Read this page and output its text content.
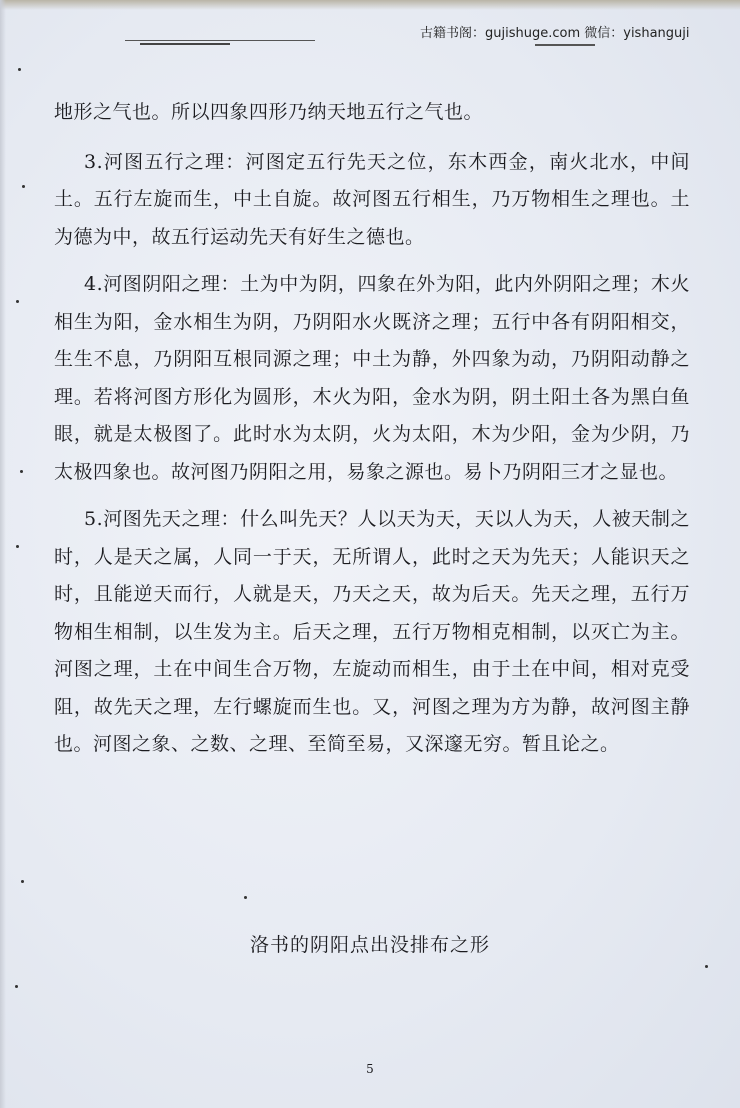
古籍书阁：gujishuge.com 微信：yishanguji

地形之气也。所以四象四形乃纳天地五行之气也。

3.河图五行之理：河图定五行先天之位，东木西金，南火北水，中间土。五行左旋而生，中土自旋。故河图五行相生，乃万物相生之理也。土为德为中，故五行运动先天有好生之德也。

4.河图阴阳之理：土为中为阴，四象在外为阳，此内外阴阳之理；木火相生为阳，金水相生为阴，乃阴阳水火既济之理；五行中各有阴阳相交，生生不息，乃阴阳互根同源之理；中土为静，外四象为动，乃阴阳动静之理。若将河图方形化为圆形，木火为阳，金水为阴，阴土阳土各为黑白鱼眼，就是太极图了。此时水为太阴，火为太阳，木为少阳，金为少阴，乃太极四象也。故河图乃阴阳之用，易象之源也。易卜乃阴阳三才之显也。

5.河图先天之理：什么叫先天？人以天为天，天以人为天，人被天制之时，人是天之属，人同一于天，无所谓人，此时之天为先天；人能识天之时，且能逆天而行，人就是天，乃天之天，故为后天。先天之理，五行万物相生相制，以生发为主。后天之理，五行万物相克相制，以灭亡为主。河图之理，土在中间生合万物，左旋动而相生，由于土在中间，相对克受阻，故先天之理，左行螺旋而生也。又，河图之理为方为静，故河图主静也。河图之象、之数、之理、至简至易，又深邃无穷。暂且论之。

洛书的阴阳点出没排布之形
5
